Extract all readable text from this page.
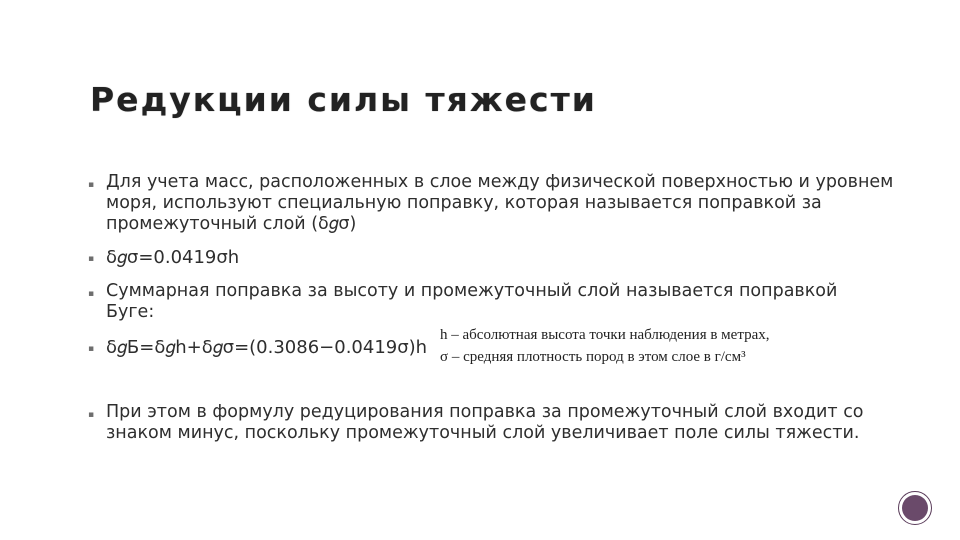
Редукции силы тяжести
▪ Для учета масс, расположенных в слое между физической поверхностью и уровнем
моря, используют специальную поправку, которая называется поправкой за
промежуточный слой (δ𝑔σ)
▪ δ𝑔σ=0.0419σh
▪ Суммарная поправка за высоту и промежуточный слой называется поправкой
Буге:
▪ δ𝑔Б=δ𝑔h+δ𝑔σ=(0.3086−0.0419σ)h
h – абсолютная высота точки наблюдения в метрах,
σ – средняя плотность пород в этом слое в г/см³
▪ При этом в формулу редуцирования поправка за промежуточный слой входит со
знаком минус, поскольку промежуточный слой увеличивает поле силы тяжести.
